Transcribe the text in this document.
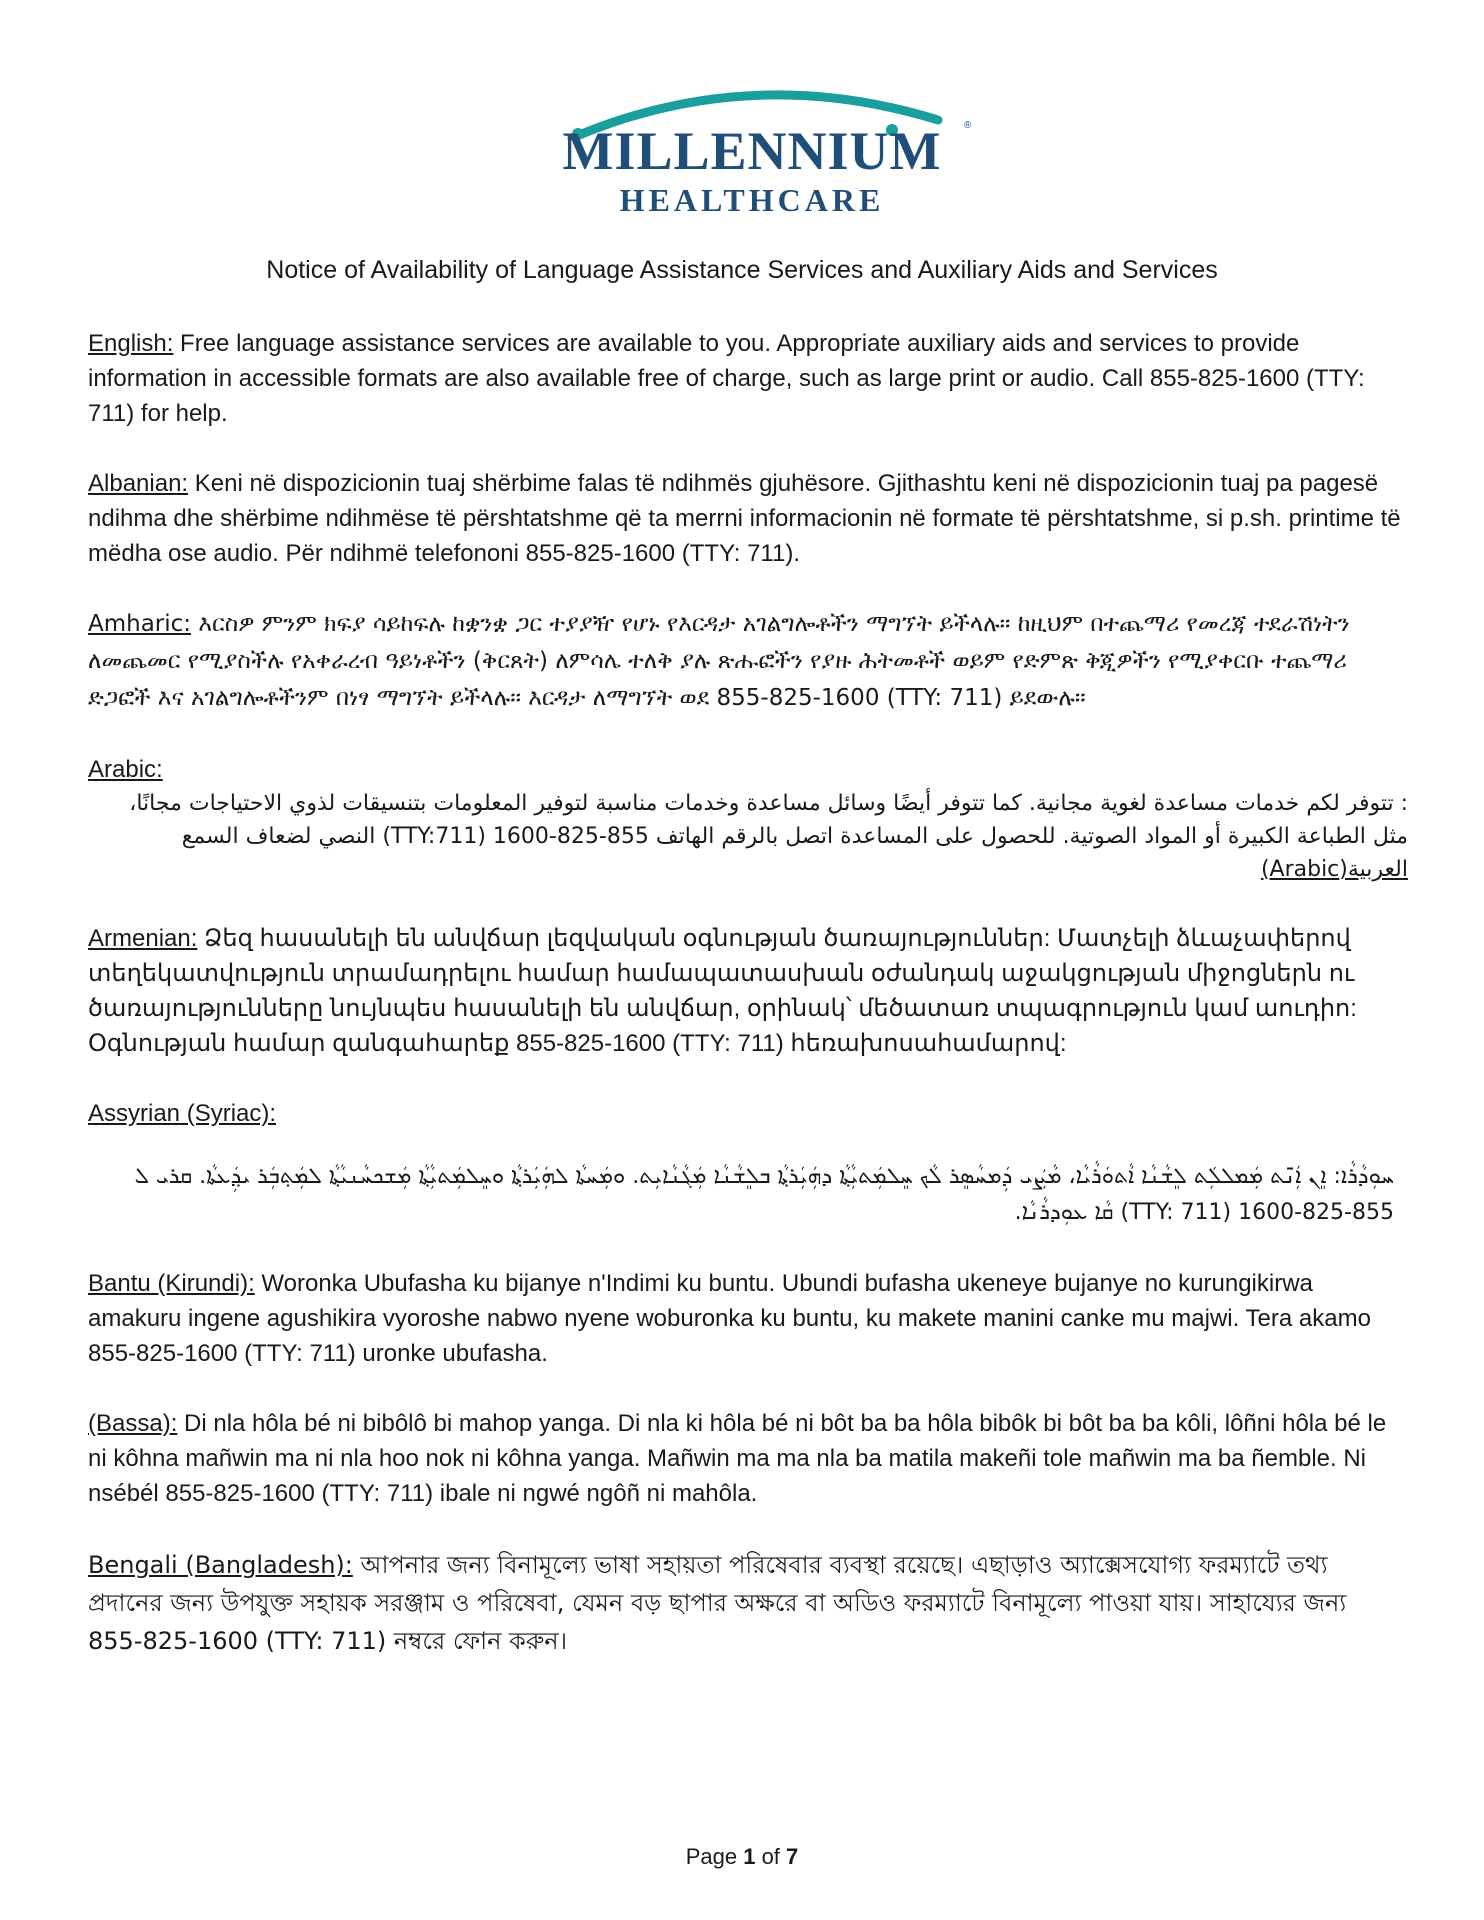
MILLENNIUM	®
HEALTHCARE
Notice of Availability of Language Assistance Services and Auxiliary Aids and Services
English: Free language assistance services are available to you. Appropriate auxiliary aids and services to provide information in accessible formats are also available free of charge, such as large print or audio. Call 855-825-1600 (TTY: 711) for help.
Albanian: Keni në dispozicionin tuaj shërbime falas të ndihmës gjuhësore. Gjithashtu keni në dispozicionin tuaj pa pagesë ndihma dhe shërbime ndihmëse të përshtatshme që ta merrni informacionin në formate të përshtatshme, si p.sh. printime të mëdha ose audio. Për ndihmë telefononi 855-825-1600 (TTY: 711).
Amharic: እርስዎ ምንም ክፍያ ሳይከፍሉ ከቋንቋ ጋር ተያያዥ የሆኑ የእርዳታ አገልግሎቶችን ማግኘት ይችላሉ። ከዚህም በተጨማሪ የመረጃ ተደራሽነትን ለመጨመር የሚያስችሉ የአቀራረብ ዓይነቶችን (ቅርጸት) ለምሳሌ ተለቅ ያሉ ጽሑፎችን የያዙ ሕትመቶች ወይም የድምጽ ቅጂዎችን የሚያቀርቡ ተጨማሪ ድጋፎች እና አገልግሎቶችንም በነፃ ማግኘት ይችላሉ። እርዳታ ለማግኘት ወደ 855-825-1600 (TTY: 711) ይደውሉ።
Arabic:
: تتوفر لكم خدمات مساعدة لغوية مجانية. كما تتوفر أيضًا وسائل مساعدة وخدمات مناسبة لتوفير المعلومات بتنسيقات لذوي الاحتياجات مجانًا، مثل الطباعة الكبيرة أو المواد الصوتية. للحصول على المساعدة اتصل بالرقم الهاتف 855-825-1600 (TTY:711) النصي لضعاف السمع العربية(Arabic)
Armenian: Ձեզ հասանելի են անվճար լեզվական օգնության ծառայություններ: Մատչելի ձևաչափերով տեղեկատվություն տրամադրելու համար համապատասխան օժանդակ աջակցության միջոցներն ու ծառայությունները նույնպես հասանելի են անվճար, օրինակ՝ մեծատառ տպագրություն կամ աուդիո: Օգնության համար զանգահարեք 855-825-1600 (TTY: 711) հեռախոսահամարով:
Assyrian (Syriac):
ܚܘܼܕܵܪܵܐ: ܐܸܢ ܐܲܢ̄ܬ ܡܲܡܠܠܲܬ ܠܸܫܵܢܵܐ ܐܵܬܘܿܪܵܝܵܐ، ܡܵܨܲܝ ܕܲܡܚܵܣܸܪ ܠܵܟ ܚܸܠܡܲܬܝܼܵܬ݂ܵܐ ܕܗܲܝܲܪܬ݂ܵܐ ܒܠܸܫܵܢܵܐ ܡܲܓܵܢܵܐܝܼܬ. ܘܡܲܚܬܵܐ ܠܗܲܝܲܪܬ݂ܵܐ ܘܚܸܠܡܲܬܝܼܵܬ݂ܵܐ ܡܲܫܟܚܵܢܝܵܬ݂ܵܐ ܠܡܲܬ݂ܒܲܪ ܝܕ݂ܲܥܬܵܐ. ܩܪܝ ܠ 855-825-1600 (TTY: 711) ܩܵܐ ܥܘܼܕܪܵܢܵܐ.
Bantu (Kirundi): Woronka Ubufasha ku bijanye n'Indimi ku buntu. Ubundi bufasha ukeneye bujanye no kurungikirwa amakuru ingene agushikira vyoroshe nabwo nyene woburonka ku buntu, ku makete manini canke mu majwi. Tera akamo 855-825-1600 (TTY: 711) uronke ubufasha.
(Bassa): Di nla hôla bé ni bibôlô bi mahop yanga. Di nla ki hôla bé ni bôt ba ba hôla bibôk bi bôt ba ba kôli, lôñni hôla bé le ni kôhna mañwin ma ni nla hoo nok ni kôhna yanga. Mañwin ma ma nla ba matila makeñi tole mañwin ma ba ñemble. Ni nsébél 855-825-1600 (TTY: 711) ibale ni ngwé ngôñ ni mahôla.
Bengali (Bangladesh): আপনার জন্য বিনামূল্যে ভাষা সহায়তা পরিষেবার ব্যবস্থা রয়েছে। এছাড়াও অ্যাক্সেসযোগ্য ফরম্যাটে তথ্য প্রদানের জন্য উপযুক্ত সহায়ক সরঞ্জাম ও পরিষেবা, যেমন বড় ছাপার অক্ষরে বা অডিও ফরম্যাটে বিনামূল্যে পাওয়া যায়। সাহায্যের জন্য 855-825-1600 (TTY: 711) নম্বরে ফোন করুন।
Page 1 of 7
